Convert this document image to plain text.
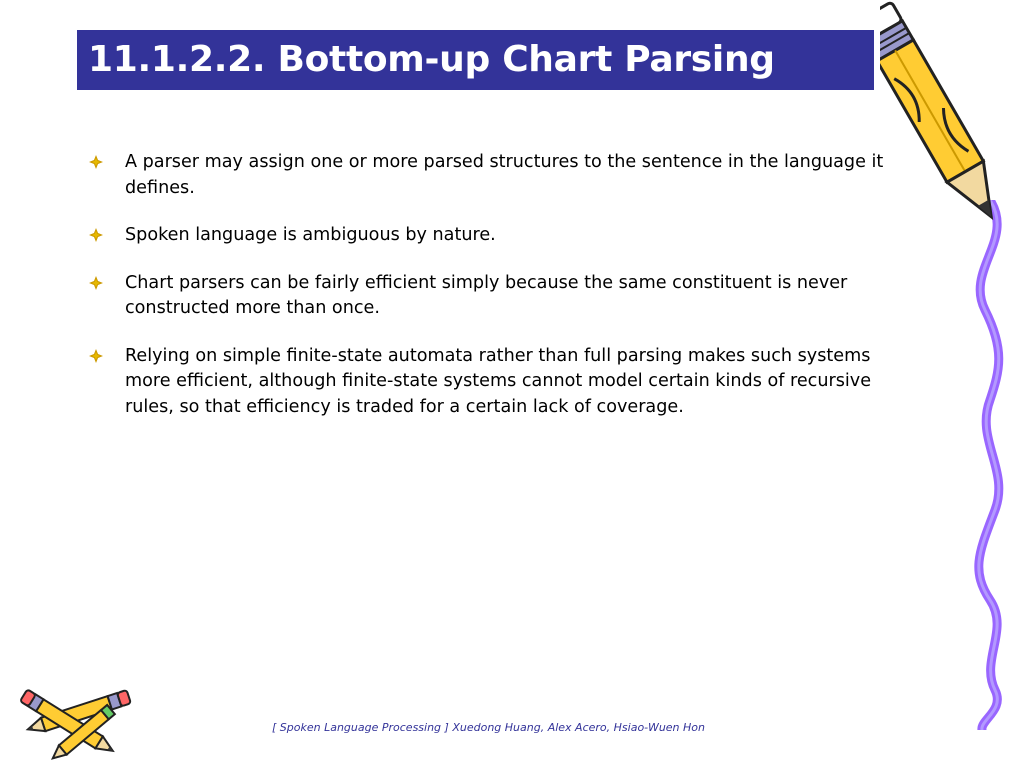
11.1.2.2. Bottom-up Chart Parsing
A parser may assign one or more parsed structures to the sentence in the language it defines.
Spoken language is ambiguous by nature.
Chart parsers can be fairly efficient simply because the same constituent is never constructed more than once.
Relying on simple finite-state automata rather than full parsing makes such systems more efficient, although finite-state systems cannot model certain kinds of recursive rules, so that efficiency is traded for a certain lack of coverage.
[ Spoken Language Processing ] Xuedong Huang, Alex Acero, Hsiao-Wuen Hon
